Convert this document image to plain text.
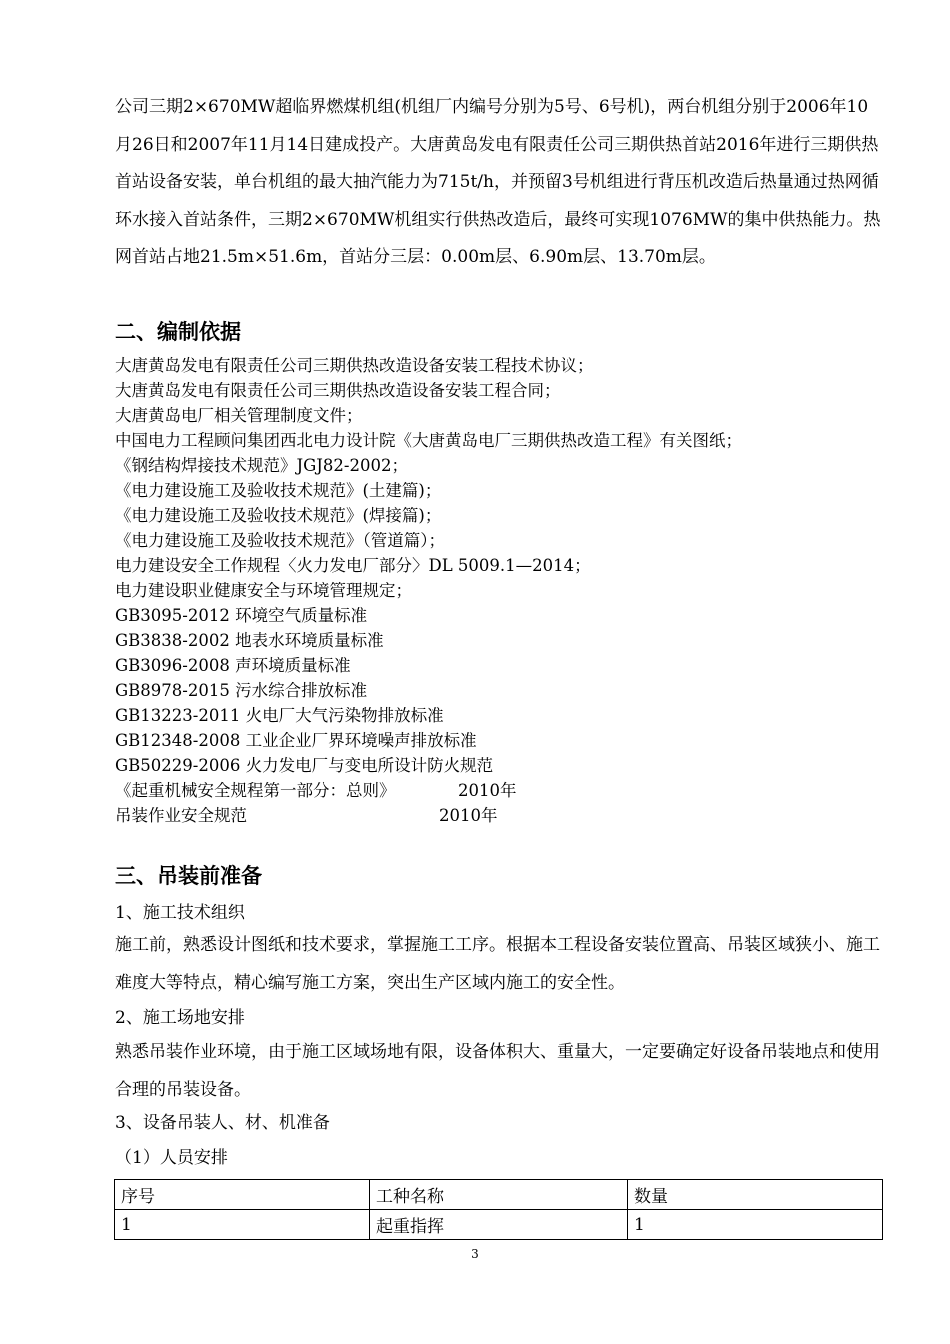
公司三期2×670MW超临界燃煤机组(机组厂内编号分别为5号、6号机)，两台机组分别于2006年10月26日和2007年11月14日建成投产。大唐黄岛发电有限责任公司三期供热首站2016年进行三期供热首站设备安装，单台机组的最大抽汽能力为715t/h，并预留3号机组进行背压机改造后热量通过热网循环水接入首站条件，三期2×670MW机组实行供热改造后，最终可实现1076MW的集中供热能力。热网首站占地21.5m×51.6m，首站分三层：0.00m层、6.90m层、13.70m层。

二、编制依据
大唐黄岛发电有限责任公司三期供热改造设备安装工程技术协议；
大唐黄岛发电有限责任公司三期供热改造设备安装工程合同；
大唐黄岛电厂相关管理制度文件；
中国电力工程顾问集团西北电力设计院《大唐黄岛电厂三期供热改造工程》有关图纸；
《钢结构焊接技术规范》JGJ82-2002；
《电力建设施工及验收技术规范》(土建篇)；
《电力建设施工及验收技术规范》(焊接篇)；
《电力建设施工及验收技术规范》（管道篇）；
电力建设安全工作规程〈火力发电厂部分〉DL 5009.1—2014；
电力建设职业健康安全与环境管理规定；
GB3095-2012 环境空气质量标准
GB3838-2002 地表水环境质量标准
GB3096-2008 声环境质量标准
GB8978-2015 污水综合排放标准
GB13223-2011 火电厂大气污染物排放标准
GB12348-2008 工业企业厂界环境噪声排放标准
GB50229-2006 火力发电厂与变电所设计防火规范
《起重机械安全规程第一部分：总则》	2010年
吊装作业安全规范	2010年
三、吊装前准备
1、施工技术组织

施工前，熟悉设计图纸和技术要求，掌握施工工序。根据本工程设备安装位置高、吊装区域狭小、施工难度大等特点，精心编写施工方案，突出生产区域内施工的安全性。

2、施工场地安排

熟悉吊装作业环境，由于施工区域场地有限，设备体积大、重量大，一定要确定好设备吊装地点和使用合理的吊装设备。

3、设备吊装人、材、机准备
（1）人员安排
序号	工种名称	数量
1	起重指挥	1
3
